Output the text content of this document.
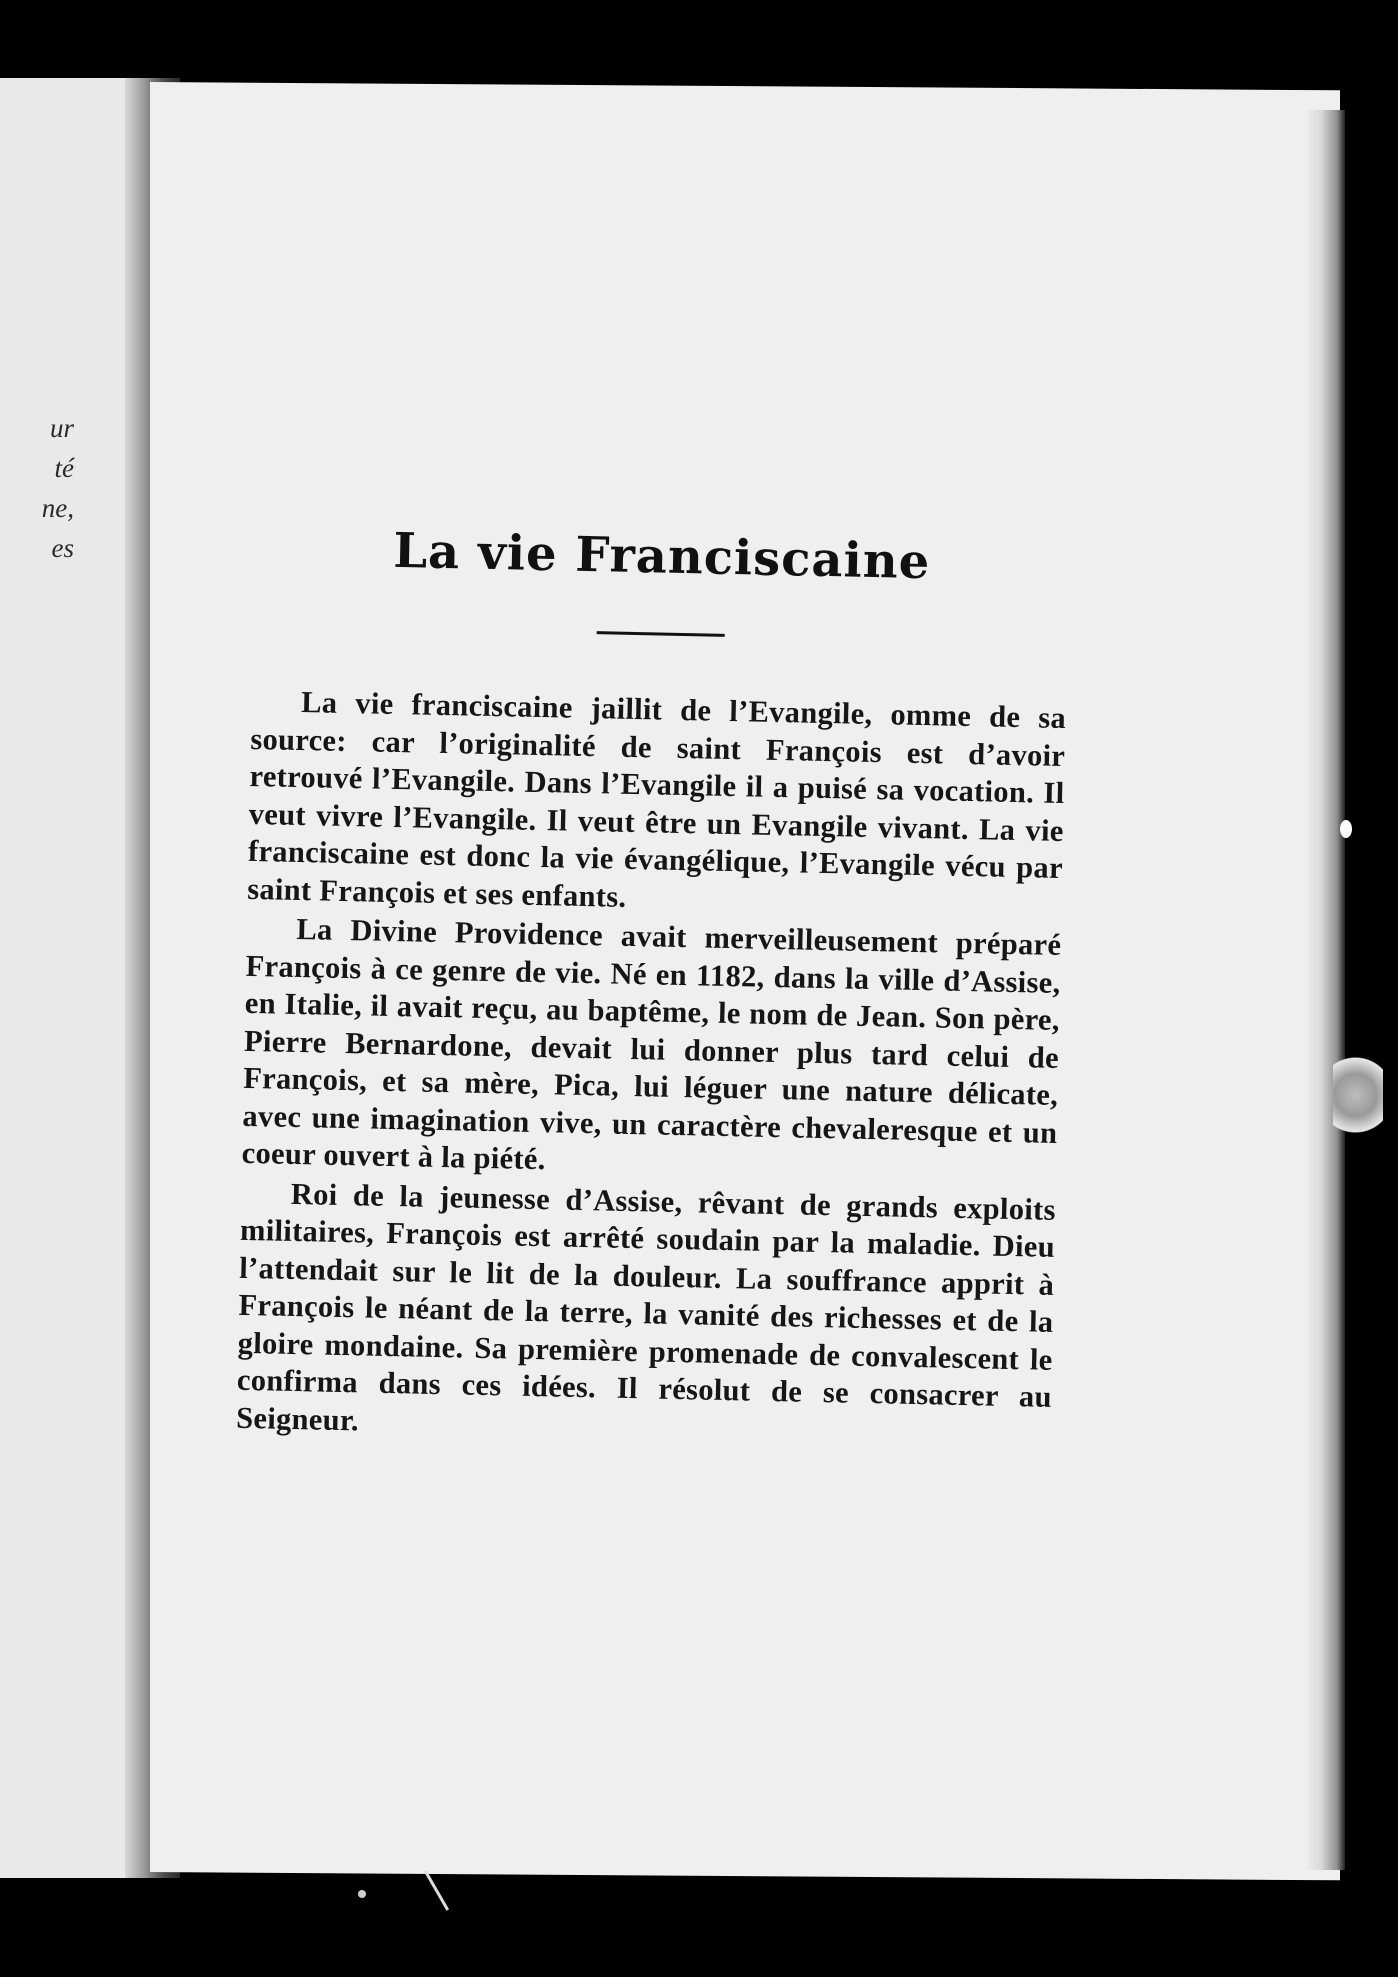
ur
té
ne,
es	La vie Franciscaine

La vie franciscaine jaillit de l’Evangile, omme de sa source: car l’originalité de saint François est d’avoir retrouvé l’Evangile. Dans l’Evangile il a puisé sa vocation. Il veut vivre l’Evangile. Il veut être un Evangile vivant. La vie franciscaine est donc la vie évangélique, l’Evangile vécu par saint François et ses enfants.

La Divine Providence avait merveilleusement préparé François à ce genre de vie. Né en 1182, dans la ville d’Assise, en Italie, il avait reçu, au baptême, le nom de Jean. Son père, Pierre Bernardone, devait lui donner plus tard celui de François, et sa mère, Pica, lui léguer une nature délicate, avec une imagination vive, un caractère chevaleresque et un coeur ouvert à la piété.

Roi de la jeunesse d’Assise, rêvant de grands exploits militaires, François est arrêté soudain par la maladie. Dieu l’attendait sur le lit de la douleur. La souffrance apprit à François le néant de la terre, la vanité des richesses et de la gloire mondaine. Sa première promenade de convalescent le confirma dans ces idées. Il résolut de se consacrer au Seigneur.
